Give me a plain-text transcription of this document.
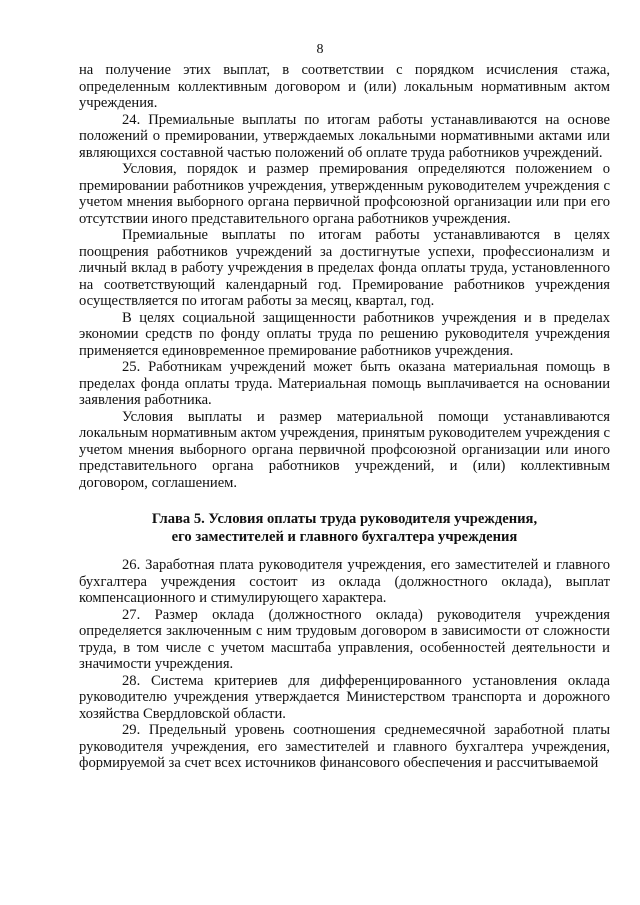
8

на получение этих выплат, в соответствии с порядком исчисления стажа, определенным коллективным договором и (или) локальным нормативным актом учреждения.

24. Премиальные выплаты по итогам работы устанавливаются на основе положений о премировании, утверждаемых локальными нормативными актами или являющихся составной частью положений об оплате труда работников учреждений.

Условия, порядок и размер премирования определяются положением о премировании работников учреждения, утвержденным руководителем учреждения с учетом мнения выборного органа первичной профсоюзной организации или при его отсутствии иного представительного органа работников учреждения.

Премиальные выплаты по итогам работы устанавливаются в целях поощрения работников учреждений за достигнутые успехи, профессионализм и личный вклад в работу учреждения в пределах фонда оплаты труда, установленного на соответствующий календарный год. Премирование работников учреждения осуществляется по итогам работы за месяц, квартал, год.

В целях социальной защищенности работников учреждения и в пределах экономии средств по фонду оплаты труда по решению руководителя учреждения применяется единовременное премирование работников учреждения.

25. Работникам учреждений может быть оказана материальная помощь в пределах фонда оплаты труда. Материальная помощь выплачивается на основании заявления работника.

Условия выплаты и размер материальной помощи устанавливаются локальным нормативным актом учреждения, принятым руководителем учреждения с учетом мнения выборного органа первичной профсоюзной организации или иного представительного органа работников учреждений, и (или) коллективным договором, соглашением.

Глава 5. Условия оплаты труда руководителя учреждения,
его заместителей и главного бухгалтера учреждения

26. Заработная плата руководителя учреждения, его заместителей и главного бухгалтера учреждения состоит из оклада (должностного оклада), выплат компенсационного и стимулирующего характера.

27. Размер оклада (должностного оклада) руководителя учреждения определяется заключенным с ним трудовым договором в зависимости от сложности труда, в том числе с учетом масштаба управления, особенностей деятельности и значимости учреждения.

28. Система критериев для дифференцированного установления оклада руководителю учреждения утверждается Министерством транспорта и дорожного хозяйства Свердловской области.

29. Предельный уровень соотношения среднемесячной заработной платы руководителя учреждения, его заместителей и главного бухгалтера учреждения, формируемой за счет всех источников финансового обеспечения и рассчитываемой
